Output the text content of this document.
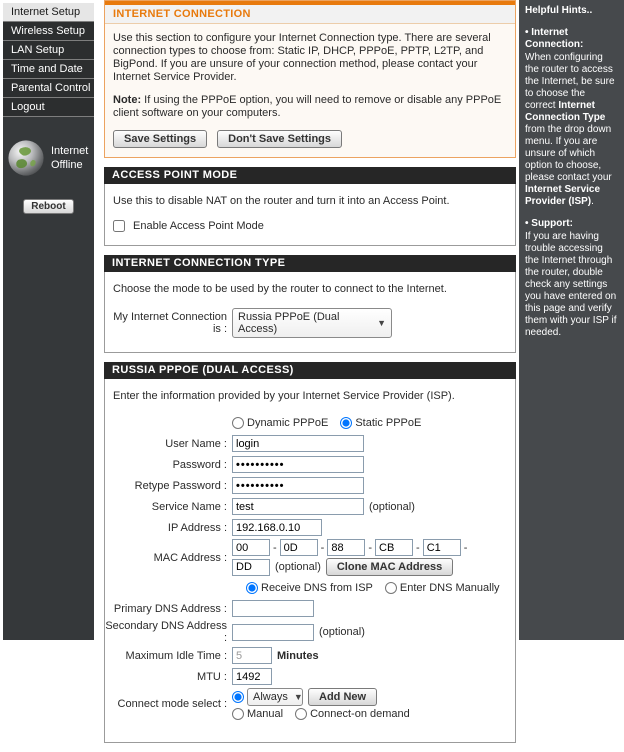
Internet Setup
Wireless Setup
LAN Setup
Time and Date
Parental Control
Logout
Internet
Offline
Reboot
INTERNET CONNECTION

Use this section to configure your Internet Connection type. There are several connection types to choose from: Static IP, DHCP, PPPoE, PPTP, L2TP, and BigPond. If you are unsure of your connection method, please contact your Internet Service Provider.

Note: If using the PPPoE option, you will need to remove or disable any PPPoE client software on your computers.

Save Settings	Don't Save Settings
ACCESS POINT MODE

Use this to disable NAT on the router and turn it into an Access Point.

Enable Access Point Mode
INTERNET CONNECTION TYPE

Choose the mode to be used by the router to connect to the Internet.

My Internet Connection is :
Russia PPPoE (Dual Access)	▼
RUSSIA PPPOE (DUAL ACCESS)

Enter the information provided by your Internet Service Provider (ISP).

Dynamic PPPoE Static PPPoE
User Name :
login
Password :
••••••••••
Retype Password :
••••••••••
Service Name :
test	(optional)
IP Address :
192.168.0.10
MAC Address :
00
-
0D	-
88	-
CB	-
C1	-
DD
(optional)	Clone MAC Address
Receive DNS from ISP Enter DNS Manually
Primary DNS Address :
Secondary DNS Address :	(optional)
Maximum Idle Time :
5	Minutes
MTU :
1492
Connect mode select :
Always ▼	Add New
Manual Connect-on demand
Helpful Hints..
• Internet Connection:

When configuring the router to access the Internet, be sure to choose the correct Internet Connection Type from the drop down menu. If you are unsure of which option to choose, please contact your Internet Service Provider (ISP).

• Support:

If you are having trouble accessing the Internet through the router, double check any settings you have entered on this page and verify them with your ISP if needed.
